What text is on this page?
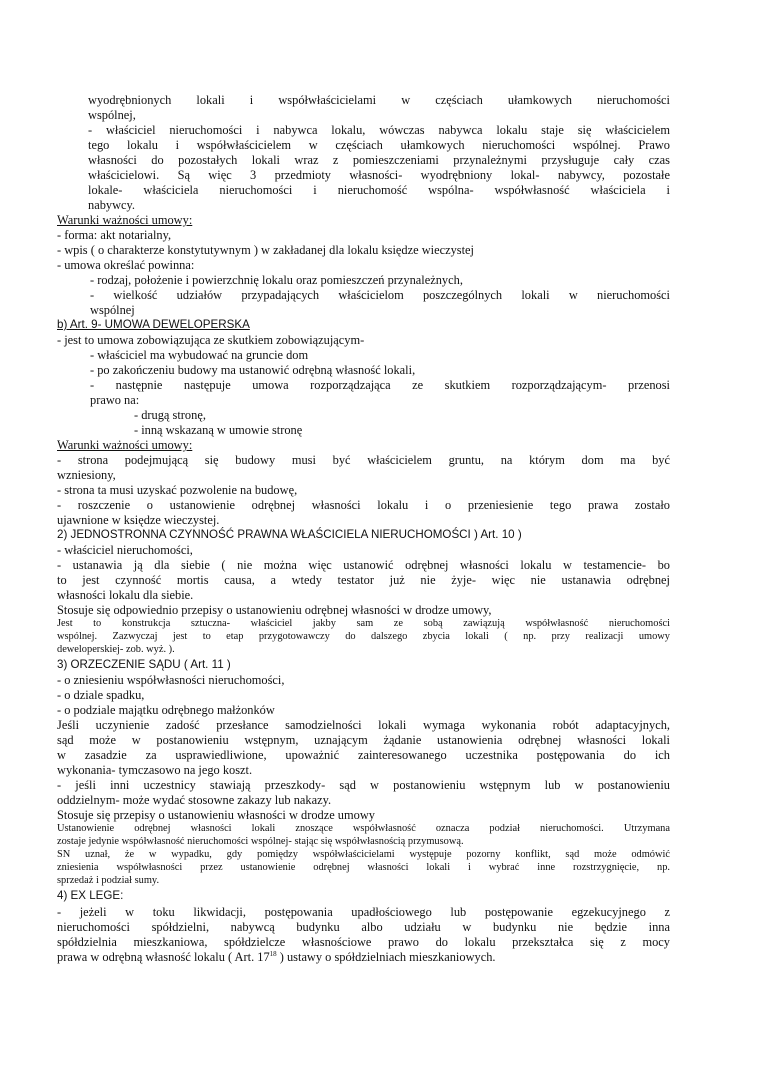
wyodrębnionych lokali i współwłaścicielami w częściach ułamkowych nieruchomości
wspólnej,
- właściciel nieruchomości i nabywca lokalu, wówczas nabywca lokalu staje się właścicielem
tego lokalu i współwłaścicielem w częściach ułamkowych nieruchomości wspólnej. Prawo
własności do pozostałych lokali wraz z pomieszczeniami przynależnymi przysługuje cały czas
właścicielowi. Są więc 3 przedmioty własności- wyodrębniony lokal- nabywcy, pozostałe
lokale- właściciela nieruchomości i nieruchomość wspólna- współwłasność właściciela i
nabywcy.
Warunki ważności umowy:
- forma: akt notarialny,
- wpis ( o charakterze konstytutywnym ) w zakładanej dla lokalu księdze wieczystej
- umowa określać powinna:
- rodzaj, położenie i powierzchnię lokalu oraz pomieszczeń przynależnych,
- wielkość udziałów przypadających właścicielom poszczególnych lokali w nieruchomości
wspólnej
b) Art. 9- UMOWA DEWELOPERSKA
- jest to umowa zobowiązująca ze skutkiem zobowiązującym-
- właściciel ma wybudować na gruncie dom
- po zakończeniu budowy ma ustanowić odrębną własność lokali,
- następnie następuje umowa rozporządzająca ze skutkiem rozporządzającym- przenosi
prawo na:
- drugą stronę,
- inną wskazaną w umowie stronę
Warunki ważności umowy:
- strona podejmującą się budowy musi być właścicielem gruntu, na którym dom ma być
wzniesiony,
- strona ta musi uzyskać pozwolenie na budowę,
- roszczenie o ustanowienie odrębnej własności lokalu i o przeniesienie tego prawa zostało
ujawnione w księdze wieczystej.
2) JEDNOSTRONNA CZYNNOŚĆ PRAWNA WŁAŚCICIELA NIERUCHOMOŚCI ) Art. 10 )
- właściciel nieruchomości,
- ustanawia ją dla siebie ( nie można więc ustanowić odrębnej własności lokalu w testamencie- bo
to jest czynność mortis causa, a wtedy testator już nie żyje- więc nie ustanawia odrębnej
własności lokalu dla siebie.
Stosuje się odpowiednio przepisy o ustanowieniu odrębnej własności w drodze umowy,
Jest to konstrukcja sztuczna- właściciel jakby sam ze sobą zawiązują współwłasność nieruchomości
wspólnej. Zazwyczaj jest to etap przygotowawczy do dalszego zbycia lokali ( np. przy realizacji umowy
deweloperskiej- zob. wyż. ).
3) ORZECZENIE SĄDU ( Art. 11 )
- o zniesieniu współwłasności nieruchomości,
- o dziale spadku,
- o podziale majątku odrębnego małżonków
Jeśli uczynienie zadość przesłance samodzielności lokali wymaga wykonania robót adaptacyjnych,
sąd może w postanowieniu wstępnym, uznającym żądanie ustanowienia odrębnej własności lokali
w zasadzie za usprawiedliwione, upoważnić zainteresowanego uczestnika postępowania do ich
wykonania- tymczasowo na jego koszt.
- jeśli inni uczestnicy stawiają przeszkody- sąd w postanowieniu wstępnym lub w postanowieniu
oddzielnym- może wydać stosowne zakazy lub nakazy.
Stosuje się przepisy o ustanowieniu własności w drodze umowy
Ustanowienie odrębnej własności lokali znoszące współwłasność oznacza podział nieruchomości. Utrzymana
zostaje jedynie współwłasność nieruchomości wspólnej- stając się współwłasnością przymusową.
SN uznał, że w wypadku, gdy pomiędzy współwłaścicielami występuje pozorny konflikt, sąd może odmówić
zniesienia współwłasności przez ustanowienie odrębnej własności lokali i wybrać inne rozstrzygnięcie, np.
sprzedaż i podział sumy.
4) EX LEGE:
- jeżeli w toku likwidacji, postępowania upadłościowego lub postępowanie egzekucyjnego z
nieruchomości spółdzielni, nabywcą budynku albo udziału w budynku nie będzie inna
spółdzielnia mieszkaniowa, spółdzielcze własnościowe prawo do lokalu przekształca się z mocy
prawa w odrębną własność lokalu ( Art. $17^{18}$ ) ustawy o spółdzielniach mieszkaniowych.
